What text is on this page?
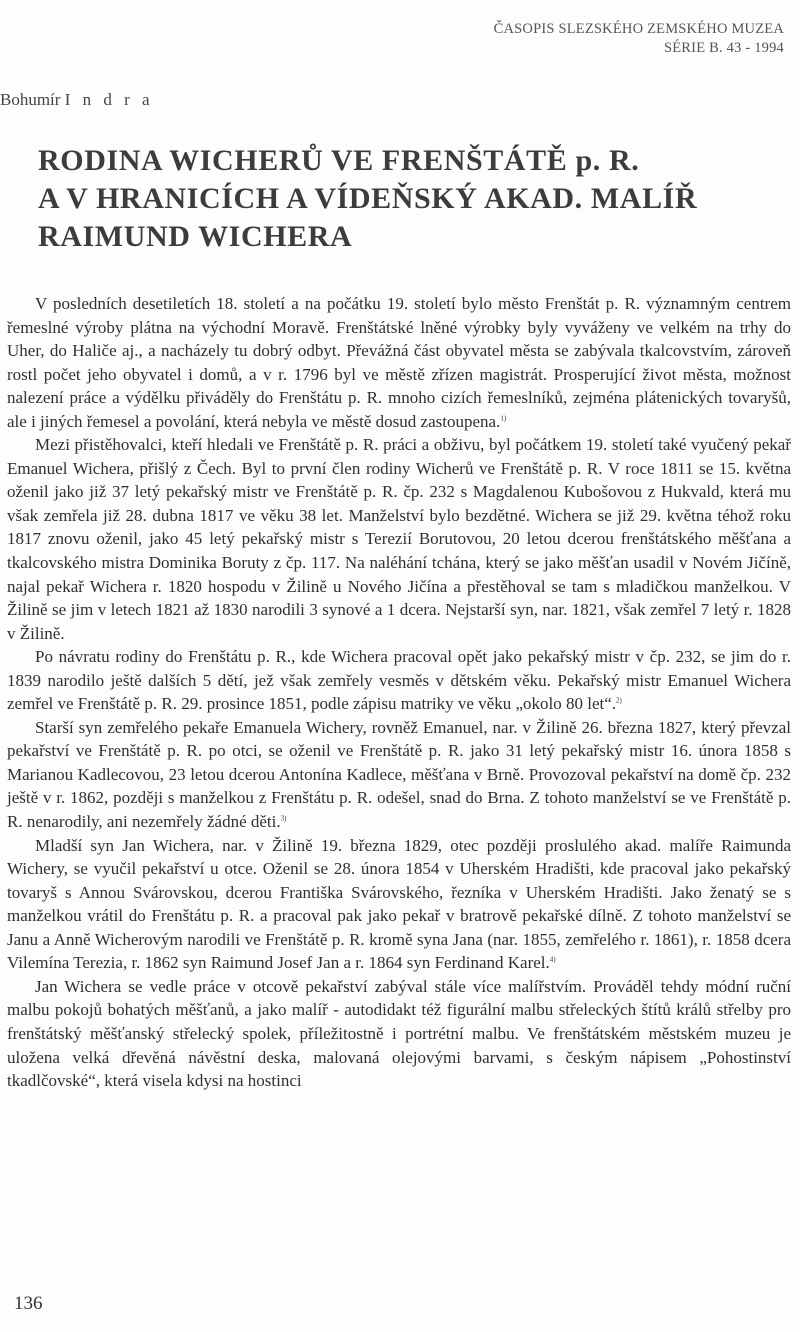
ČASOPIS SLEZSKÉHO ZEMSKÉHO MUZEA
SÉRIE B. 43 - 1994
Bohumír I n d r a
RODINA WICHERŮ VE FRENŠTÁTĚ p. R.
A V HRANICÍCH A VÍDEŇSKÝ AKAD. MALÍŘ
RAIMUND WICHERA

V posledních desetiletích 18. století a na počátku 19. století bylo město Frenštát p. R. významným centrem řemeslné výroby plátna na východní Moravě. Frenštátské lněné výrobky byly vyváženy ve velkém na trhy do Uher, do Haliče aj., a nacházely tu dobrý odbyt. Převážná část obyvatel města se zabývala tkalcovstvím, zároveň rostl počet jeho obyvatel i domů, a v r. 1796 byl ve městě zřízen magistrát. Prosperující život města, možnost nalezení práce a výdělku přiváděly do Frenštátu p. R. mnoho cizích řemeslníků, zejména plátenických tovaryšů, ale i jiných řemesel a povolání, která nebyla ve městě dosud zastoupena.$^{1)}$

Mezi přistěhovalci, kteří hledali ve Frenštátě p. R. práci a obživu, byl počátkem 19. století také vyučený pekař Emanuel Wichera, přišlý z Čech. Byl to první člen rodiny Wicherů ve Frenštátě p. R. V roce 1811 se 15. května oženil jako již 37 letý pekařský mistr ve Frenštátě p. R. čp. 232 s Magdalenou Kubošovou z Hukvald, která mu však zemřela již 28. dubna 1817 ve věku 38 let. Manželství bylo bezdětné. Wichera se již 29. května téhož roku 1817 znovu oženil, jako 45 letý pekařský mistr s Terezií Borutovou, 20 letou dcerou frenštátského měšťana a tkalcovského mistra Dominika Boruty z čp. 117. Na naléhání tchána, který se jako měšťan usadil v Novém Jičíně, najal pekař Wichera r. 1820 hospodu v Žilině u Nového Jičína a přestěhoval se tam s mladičkou manželkou. V Žilině se jim v letech 1821 až 1830 narodili 3 synové a 1 dcera. Nejstarší syn, nar. 1821, však zemřel 7 letý r. 1828 v Žilině.

Po návratu rodiny do Frenštátu p. R., kde Wichera pracoval opět jako pekařský mistr v čp. 232, se jim do r. 1839 narodilo ještě dalších 5 dětí, jež však zemřely vesměs v dětském věku. Pekařský mistr Emanuel Wichera zemřel ve Frenštátě p. R. 29. prosince 1851, podle zápisu matriky ve věku „okolo 80 let“.$^{2)}$

Starší syn zemřelého pekaře Emanuela Wichery, rovněž Emanuel, nar. v Žilině 26. března 1827, který převzal pekařství ve Frenštátě p. R. po otci, se oženil ve Frenštátě p. R. jako 31 letý pekařský mistr 16. února 1858 s Marianou Kadlecovou, 23 letou dcerou Antonína Kadlece, měšťana v Brně. Provozoval pekařství na domě čp. 232 ještě v r. 1862, později s manželkou z Frenštátu p. R. odešel, snad do Brna. Z tohoto manželství se ve Frenštátě p. R. nenarodily, ani nezemřely žádné děti.$^{3)}$

Mladší syn Jan Wichera, nar. v Žilině 19. března 1829, otec později proslulého akad. malíře Raimunda Wichery, se vyučil pekařství u otce. Oženil se 28. února 1854 v Uherském Hradišti, kde pracoval jako pekařský tovaryš s Annou Svárovskou, dcerou Františka Svárovského, řezníka v Uherském Hradišti. Jako ženatý se s manželkou vrátil do Frenštátu p. R. a pracoval pak jako pekař v bratrově pekařské dílně. Z tohoto manželství se Janu a Anně Wicherovým narodili ve Frenštátě p. R. kromě syna Jana (nar. 1855, zemřelého r. 1861), r. 1858 dcera Vilemína Terezia, r. 1862 syn Raimund Josef Jan a r. 1864 syn Ferdinand Karel.$^{4)}$

Jan Wichera se vedle práce v otcově pekařství zabýval stále více malířstvím. Prováděl tehdy módní ruční malbu pokojů bohatých měšťanů, a jako malíř - autodidakt též figurální malbu střeleckých štítů králů střelby pro frenštátský měšťanský střelecký spolek, příležitostně i portrétní malbu. Ve frenštátském městském muzeu je uložena velká dřevěná návěstní deska, malovaná olejovými barvami, s českým nápisem „Pohostinství tkadlčovské“, která visela kdysi na hostinci

136
